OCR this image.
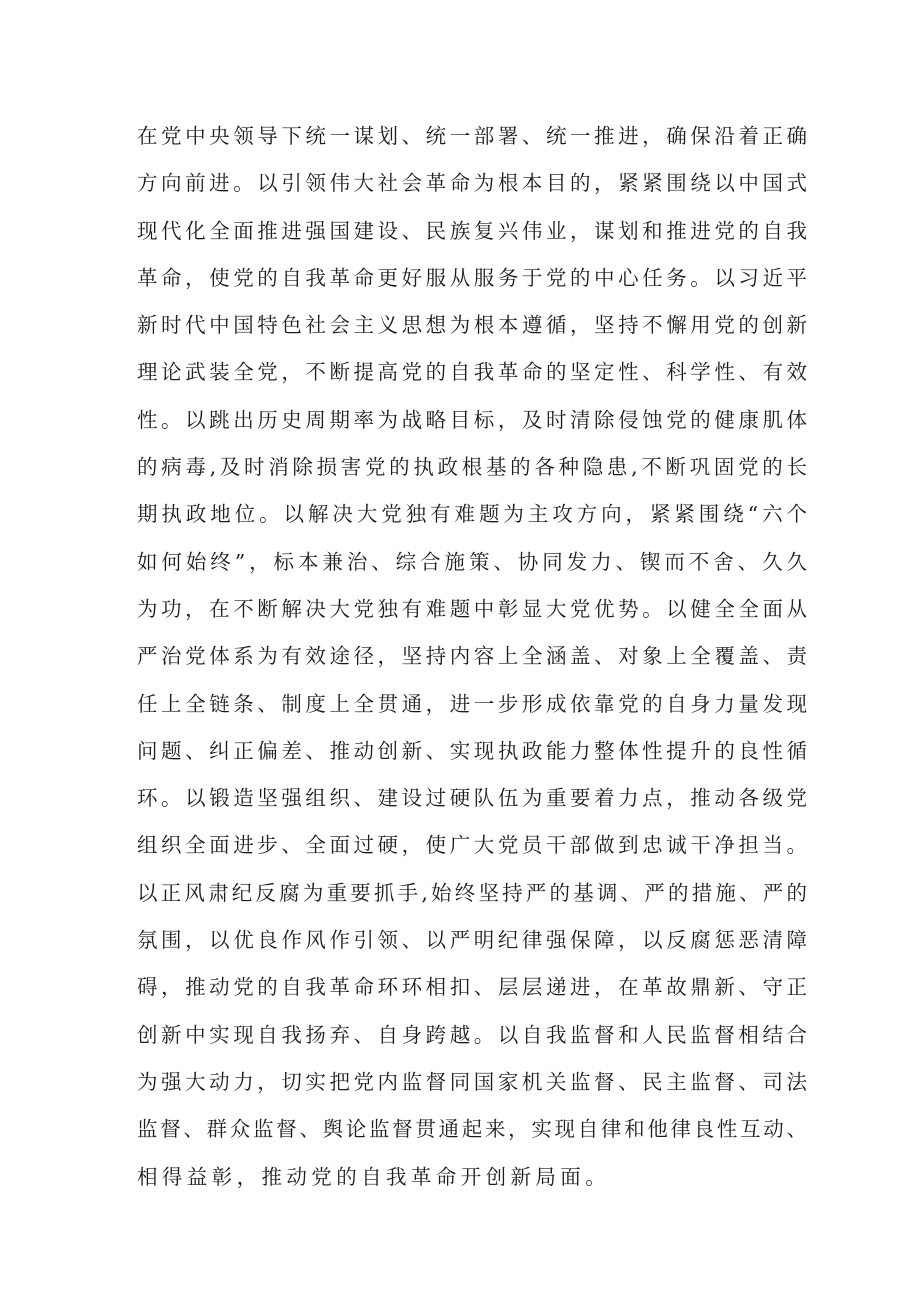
在党中央领导下统一谋划、统一部署、统一推进，确保沿着正确
方向前进。以引领伟大社会革命为根本目的，紧紧围绕以中国式
现代化全面推进强国建设、民族复兴伟业，谋划和推进党的自我
革命，使党的自我革命更好服从服务于党的中心任务。以习近平
新时代中国特色社会主义思想为根本遵循，坚持不懈用党的创新
理论武装全党，不断提高党的自我革命的坚定性、科学性、有效
性。以跳出历史周期率为战略目标，及时清除侵蚀党的健康肌体
的病毒,及时消除损害党的执政根基的各种隐患,不断巩固党的长
期执政地位。以解决大党独有难题为主攻方向，紧紧围绕“六个
如何始终”，标本兼治、综合施策、协同发力、锲而不舍、久久
为功，在不断解决大党独有难题中彰显大党优势。以健全全面从
严治党体系为有效途径，坚持内容上全涵盖、对象上全覆盖、责
任上全链条、制度上全贯通，进一步形成依靠党的自身力量发现
问题、纠正偏差、推动创新、实现执政能力整体性提升的良性循
环。以锻造坚强组织、建设过硬队伍为重要着力点，推动各级党
组织全面进步、全面过硬，使广大党员干部做到忠诚干净担当。
以正风肃纪反腐为重要抓手,始终坚持严的基调、严的措施、严的
氛围，以优良作风作引领、以严明纪律强保障，以反腐惩恶清障
碍，推动党的自我革命环环相扣、层层递进，在革故鼎新、守正
创新中实现自我扬弃、自身跨越。以自我监督和人民监督相结合
为强大动力，切实把党内监督同国家机关监督、民主监督、司法
监督、群众监督、舆论监督贯通起来，实现自律和他律良性互动、
相得益彰，推动党的自我革命开创新局面。
